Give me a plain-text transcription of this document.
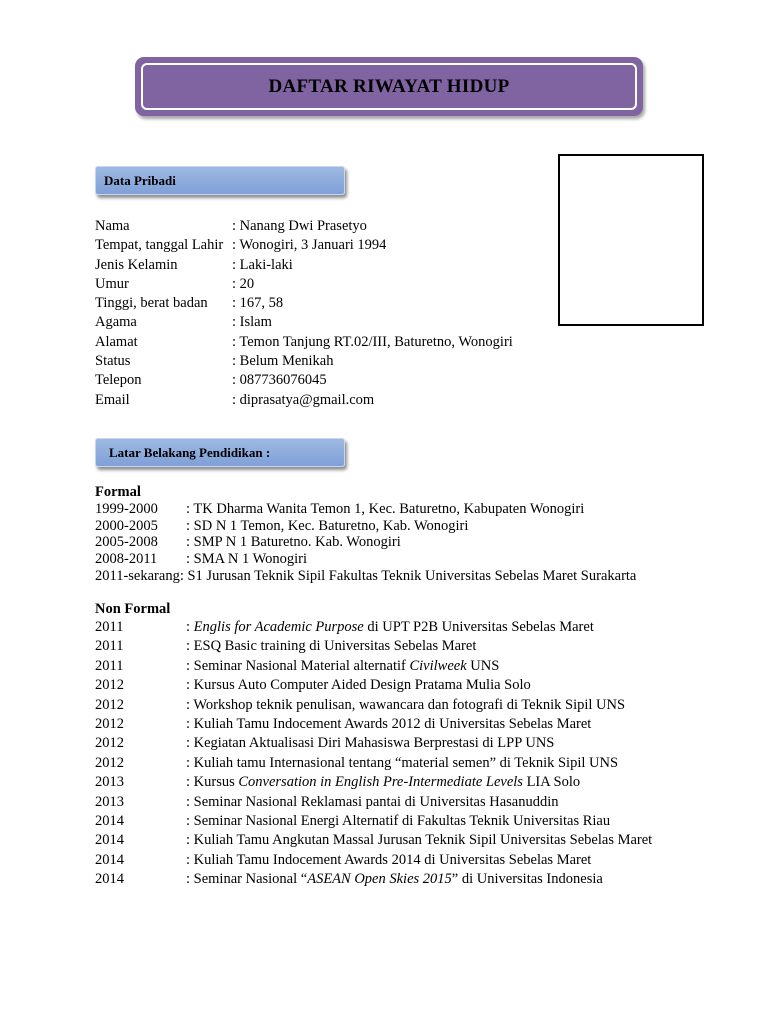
DAFTAR RIWAYAT HIDUP
Data Pribadi
Nama	: Nanang Dwi Prasetyo
Tempat, tanggal Lahir : Wonogiri, 3 Januari 1994
Jenis Kelamin	: Laki-laki
Umur	: 20
Tinggi, berat badan	: 167, 58
Agama	: Islam
Alamat	: Temon Tanjung RT.02/III, Baturetno, Wonogiri
Status	: Belum Menikah
Telepon	: 087736076045
Email	: diprasatya@gmail.com
Latar Belakang Pendidikan :
Formal
1999-2000	: TK Dharma Wanita Temon 1, Kec. Baturetno, Kabupaten Wonogiri
2000-2005	: SD N 1 Temon, Kec. Baturetno, Kab. Wonogiri
2005-2008	: SMP N 1 Baturetno. Kab. Wonogiri
2008-2011	: SMA N 1 Wonogiri
2011-sekarang : S1 Jurusan Teknik Sipil Fakultas Teknik Universitas Sebelas Maret Surakarta
Non Formal
2011	: Englis for Academic Purpose di UPT P2B Universitas Sebelas Maret
2011	: ESQ Basic training di Universitas Sebelas Maret
2011	: Seminar Nasional Material alternatif Civilweek UNS
2012	: Kursus Auto Computer Aided Design Pratama Mulia Solo
2012	: Workshop teknik penulisan, wawancara dan fotografi di Teknik Sipil UNS
2012	: Kuliah Tamu Indocement Awards 2012 di Universitas Sebelas Maret
2012	: Kegiatan Aktualisasi Diri Mahasiswa Berprestasi di LPP UNS
2012	: Kuliah tamu Internasional tentang “material semen” di Teknik Sipil UNS
2013	: Kursus Conversation in English Pre-Intermediate Levels LIA Solo
2013	: Seminar Nasional Reklamasi pantai di Universitas Hasanuddin
2014	: Seminar Nasional Energi Alternatif di Fakultas Teknik Universitas Riau
2014	: Kuliah Tamu Angkutan Massal Jurusan Teknik Sipil Universitas Sebelas Maret
2014	: Kuliah Tamu Indocement Awards 2014 di Universitas Sebelas Maret
2014	: Seminar Nasional “ASEAN Open Skies 2015” di Universitas Indonesia
